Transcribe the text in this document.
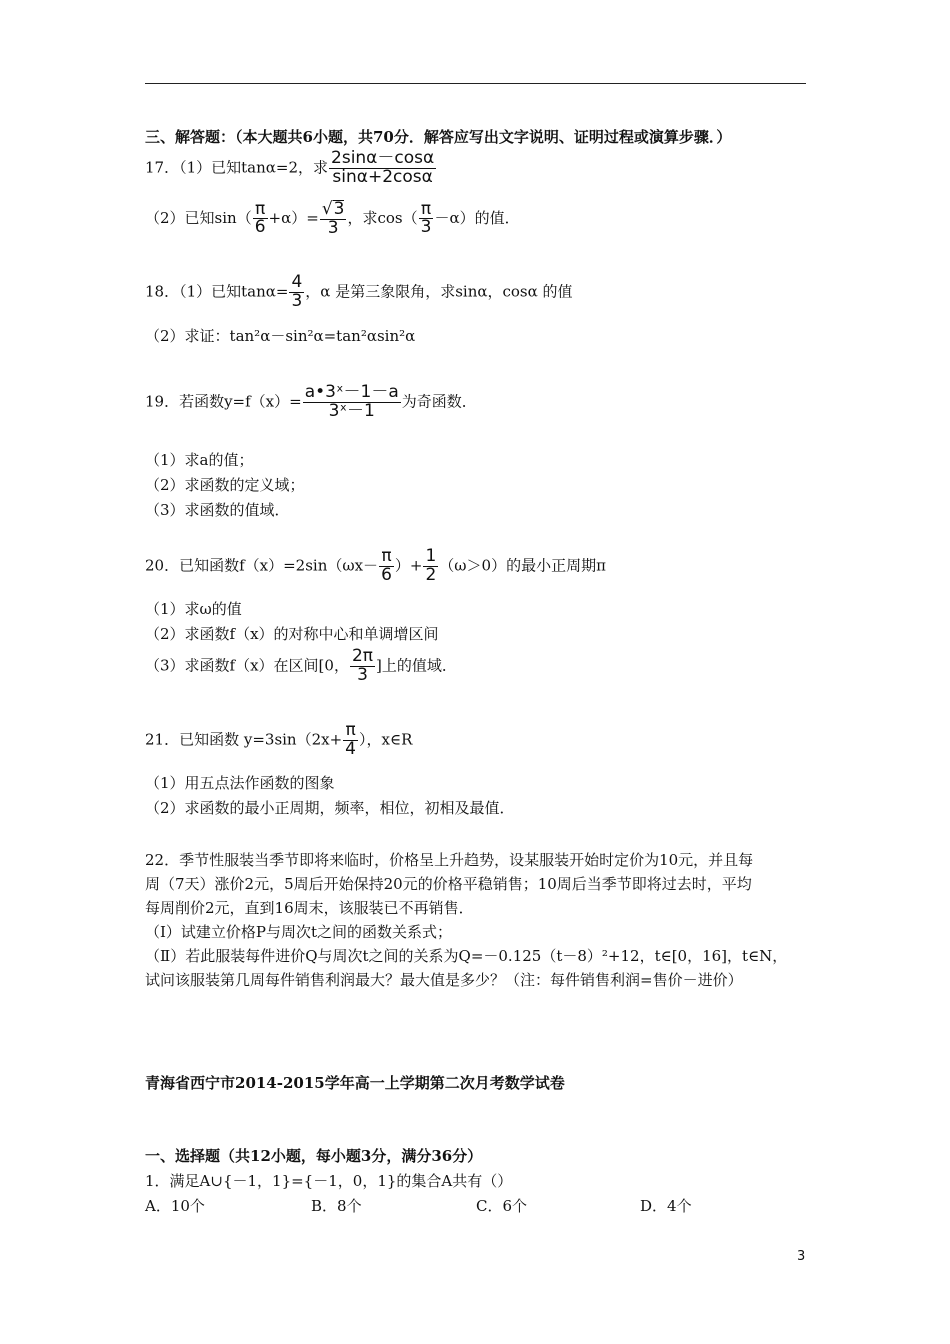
三、解答题：（本大题共6小题，共70分．解答应写出文字说明、证明过程或演算步骤．）
17．（1）已知tanα=2，求 $\frac{2\sin\alpha-\cos\alpha}{\sin\alpha+2\cos\alpha}$
（2）已知$\sin( \frac{\pi}{6} +\alpha)= \frac{√3}{3}$ ，求$\cos( \frac{\pi}{3} -\alpha)$的值．
18．（1）已知$\tan\alpha= \frac{4}{3}$ ，α 是第三象限角，求sinα，cosα 的值
（2）求证：tan²α－sin²α=tan²αsin²α
19．若函数$y=f(x)= \frac{\text{a•3ˣ－1－a}}{\text{3ˣ－1}}$ 为奇函数．
（1）求a的值；
（2）求函数的定义域；
（3）求函数的值域．
20．已知函数$f(x)=2\sin(\omega x- \frac{\pi}{6}$ ）+ $\frac{1}{2} (\omega>0)$的最小正周期π
（1）求ω的值
（2）求函数f（x）的对称中心和单调增区间
（3）求函数f（x）在区间[0， $\frac{2\pi}{3}$ ]上的值域．
21．已知函数 $y=3\sin(2x+ \frac{\pi}{4}$ ），x∈R
（1）用五点法作函数的图象
（2）求函数的最小正周期，频率，相位，初相及最值．
22．季节性服装当季节即将来临时，价格呈上升趋势，设某服装开始时定价为10元，并且每
周（7天）涨价2元，5周后开始保持20元的价格平稳销售；10周后当季节即将过去时，平均
每周削价2元，直到16周末，该服装已不再销售．
（Ⅰ）试建立价格P与周次t之间的函数关系式；
（Ⅱ）若此服装每件进价Q与周次t之间的关系为Q=－0.125（t－8）²+12，t∈[0，16]，t∈N，
试问该服装第几周每件销售利润最大？最大值是多少？（注：每件销售利润=售价－进价）
青海省西宁市2014-2015学年高一上学期第二次月考数学试卷
一、选择题（共12小题，每小题3分，满分36分）
1．满足A∪{－1，1}={－1，0，1}的集合A共有（）
A．10个	B．8个	C．6个	D．4个
3
